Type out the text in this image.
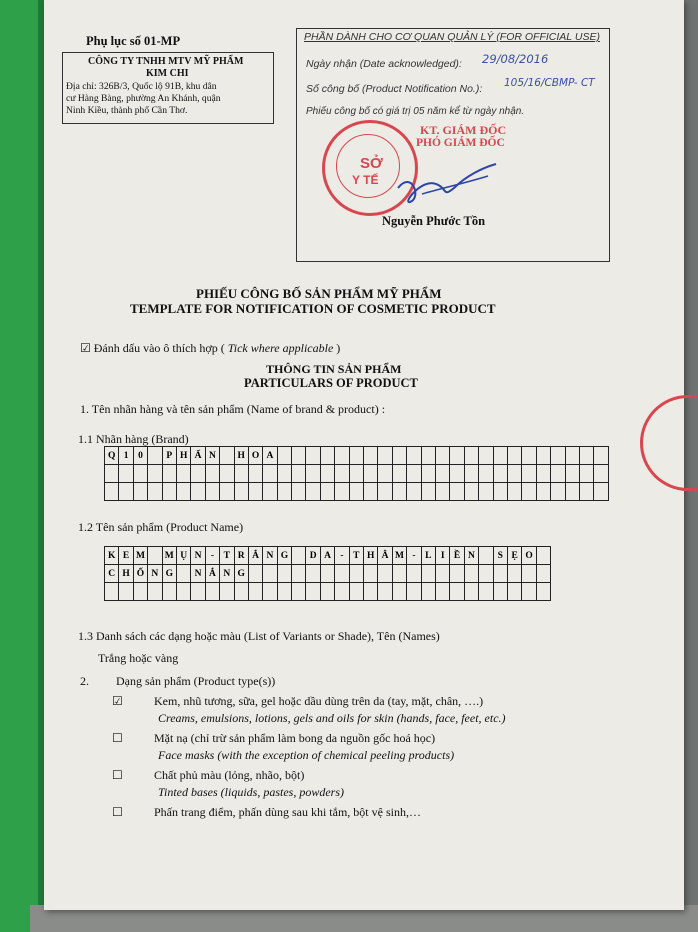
Phụ lục số 01-MP
CÔNG TY TNHH MTV MỸ PHẨM
KIM CHI
Địa chỉ: 326B/3, Quốc lộ 91B, khu dân
cư Hàng Bàng, phường An Khánh, quận
Ninh Kiều, thành phố Cần Thơ.
PHẦN DÀNH CHO CƠ QUAN QUẢN LÝ (FOR OFFICIAL USE)
Ngày nhận (Date acknowledged): 29/08/2016
Số công bố (Product Notification No.): 105/16/CBMP- CT
Phiếu công bố có giá trị 05 năm kể từ ngày nhận.
SỞ
Y TẾ
KT. GIÁM ĐỐC
PHÓ GIÁM ĐỐC
Nguyễn Phước Tồn
PHIẾU CÔNG BỐ SẢN PHẨM MỸ PHẨM
TEMPLATE FOR NOTIFICATION OF COSMETIC PRODUCT
☑ Đánh dấu vào ô thích hợp ( Tick where applicable )
THÔNG TIN SẢN PHẨM
PARTICULARS OF PRODUCT
1. Tên nhãn hàng và tên sản phẩm (Name of brand & product) :
1.1 Nhãn hàng (Brand)
Q	1	0		P	H	Ẩ	N		H	O	A																							

1.2 Tên sản phẩm (Product Name)
K	E	M		M	Ụ	N	-	T	R	Ắ	N	G		D	A	-	T	H	Â	M	-	L	I	Ề	N		S	Ẹ	O	
C	H	Ố	N	G		N	Ắ	N	G																					

1.3 Danh sách các dạng hoặc màu (List of Variants or Shade), Tên (Names)
Trắng hoặc vàng
2. Dạng sản phẩm (Product type(s))
☑	Kem, nhũ tương, sữa, gel hoặc dầu dùng trên da (tay, mặt, chân, ….)
Creams, emulsions, lotions, gels and oils for skin (hands, face, feet, etc.)
☐	Mặt nạ (chỉ trừ sản phẩm làm bong da nguồn gốc hoá học)
Face masks (with the exception of chemical peeling products)
☐	Chất phủ màu (lỏng, nhão, bột)
Tinted bases (liquids, pastes, powders)
☐	Phấn trang điểm, phấn dùng sau khi tắm, bột vệ sinh,…
